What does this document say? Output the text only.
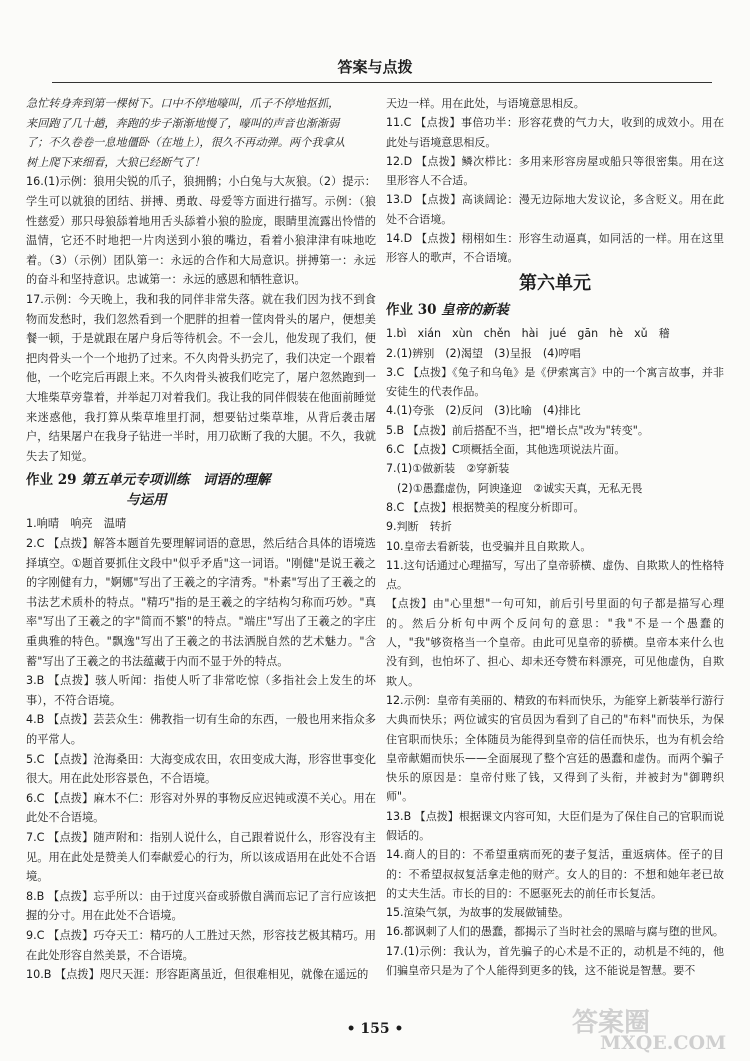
答案与点拨

急忙转身奔到第一棵树下。口中不停地嚎叫，爪子不停地抠抓，

来回跑了几十趟，奔跑的步子渐渐地慢了，嚎叫的声音也渐渐弱

了；不久卷卷一息地僵卧（在地上），很久不再动弹。两个我拿从

树上爬下来细看，大狼已经断气了！

16.(1)示例：狼用尖锐的爪子，狼拥鹘；小白兔与大灰狼。（2）提示：学生可以就狼的团结、拼搏、勇敢、母爱等方面进行描写。示例：（狼性慈爱）那只母狼舔着地用舌头舔着小狼的脸庞，眼睛里流露出怜惜的温情，它还不时地把一片肉送到小狼的嘴边，看着小狼津津有味地吃着。（3）（示例）团队第一：永远的合作和大局意识。拼搏第一：永远的奋斗和坚持意识。忠诚第一：永远的感恩和牺牲意识。

17.示例：今天晚上，我和我的同伴非常失落。就在我们因为找不到食物而发愁时，我们忽然看到一个肥胖的担着一筐肉骨头的屠户，便想美餐一顿，于是就跟在屠户身后等待机会。不一会儿，他发现了我们，便把肉骨头一个一个地扔了过来。不久肉骨头扔完了，我们决定一个跟着他，一个吃完后再跟上来。不久肉骨头被我们吃完了，屠户忽然跑到一大堆柴草旁靠着，并举起刀对着我们。我让我的同伴假装在他面前睡觉来迷惑他，我打算从柴草堆里打洞，想要钻过柴草堆，从背后袭击屠户，结果屠户在我身子钻进一半时，用刀砍断了我的大腿。不久，我就失去了知觉。

作业 29 第五单元专项训练　词语的理解
与运用

1.响晴　响亮　温晴

2.C 【点拨】解答本题首先要理解词语的意思，然后结合具体的语境选择填空。①题首要抓住文段中"似乎矛盾"这一词语。"刚健"是说王羲之的字刚健有力，"婀娜"写出了王羲之的字清秀。"朴素"写出了王羲之的书法艺术质朴的特点。"精巧"指的是王羲之的字结构匀称而巧妙。"真率"写出了王羲之的字"简而不繁"的特点。"端庄"写出了王羲之的字庄重典雅的特色。"飘逸"写出了王羲之的书法洒脱自然的艺术魅力。"含蓄"写出了王羲之的书法蕴藏于内而不显于外的特点。

3.B 【点拨】骇人听闻：指使人听了非常吃惊（多指社会上发生的坏事），不符合语境。

4.B 【点拨】芸芸众生：佛教指一切有生命的东西，一般也用来指众多的平常人。

5.C 【点拨】沧海桑田：大海变成农田，农田变成大海，形容世事变化很大。用在此处形容景色，不合语境。

6.C 【点拨】麻木不仁：形容对外界的事物反应迟钝或漠不关心。用在此处不合语境。

7.C 【点拨】随声附和：指别人说什么，自己跟着说什么，形容没有主见。用在此处是赞美人们奉献爱心的行为，所以该成语用在此处不合语境。

8.B 【点拨】忘乎所以：由于过度兴奋或骄傲自满而忘记了言行应该把握的分寸。用在此处不合语境。

9.C 【点拨】巧夺天工：精巧的人工胜过天然，形容技艺极其精巧。用在此处形容自然美景，不合语境。

10.B 【点拨】咫尺天涯：形容距离虽近，但很难相见，就像在遥远的

天边一样。用在此处，与语境意思相反。

11.C 【点拨】事倍功半：形容花费的气力大，收到的成效小。用在此处与语境意思相反。

12.D 【点拨】鳞次栉比：多用来形容房屋或船只等很密集。用在这里形容人不合适。

13.D 【点拨】高谈阔论：漫无边际地大发议论，多含贬义。用在此处不合语境。

14.D 【点拨】栩栩如生：形容生动逼真，如同活的一样。用在这里形容人的歌声，不合语境。

第六单元
作业 30 皇帝的新装

1.bì　xián　xùn　chěn　hài　jué　gān　hè　xǔ　稽

2.(1)辨别　(2)渴望　(3)呈报　(4)哼唱

3.C 【点拨】《兔子和乌龟》是《伊索寓言》中的一个寓言故事，并非安徒生的代表作品。

4.(1)夸张　(2)反问　(3)比喻　(4)排比

5.B 【点拨】前后搭配不当，把"增长点"改为"转变"。

6.C 【点拨】C项概括全面，其他选项说法片面。

7.(1)①做新装　②穿新装

　(2)①愚蠢虚伪，阿谀逢迎　②诚实天真，无私无畏

8.C 【点拨】根据赞美的程度分析即可。

9.判断　转折

10.皇帝去看新装，也受骗并且自欺欺人。

11.这句话通过心理描写，写出了皇帝骄横、虚伪、自欺欺人的性格特点。

【点拨】由"心里想"一句可知，前后引号里面的句子都是描写心理的。然后分析句中两个反问句的意思："我"不是一个愚蠢的人，"我"够资格当一个皇帝。由此可见皇帝的骄横。皇帝本来什么也没有到，也怕坏了、担心、却未还夸赞布料漂亮，可见他虚伪，自欺欺人。

12.示例：皇帝有美丽的、精致的布料而快乐，为能穿上新装举行游行大典而快乐；两位诚实的官员因为看到了自己的"布料"而快乐，为保住官职而快乐；全体随员为能得到皇帝的信任而快乐，也为有机会给皇帝献媚而快乐——全面展现了整个宫廷的愚蠢和虚伪。而两个骗子快乐的原因是：皇帝付账了钱，又得到了头衔，并被封为"御聘织师"。

13.B 【点拨】根据课文内容可知，大臣们是为了保住自己的官职而说假话的。

14.商人的目的：不希望重病而死的妻子复活，重返病体。侄子的目的：不希望叔叔复活拿走他的财产。女人的目的：不想和她年老已故的丈夫生活。市长的目的：不愿驱死去的前任市长复活。

15.渲染气氛，为故事的发展做铺垫。

16.都讽刺了人们的愚蠢，都揭示了当时社会的黑暗与腐与堕的世风。

17.(1)示例：我认为，首先骗子的心术是不正的，动机是不纯的，他们骗皇帝只是为了个人能得到更多的钱，这不能说是智慧。要不

• 155 •	答案圈
MXQE.COM
